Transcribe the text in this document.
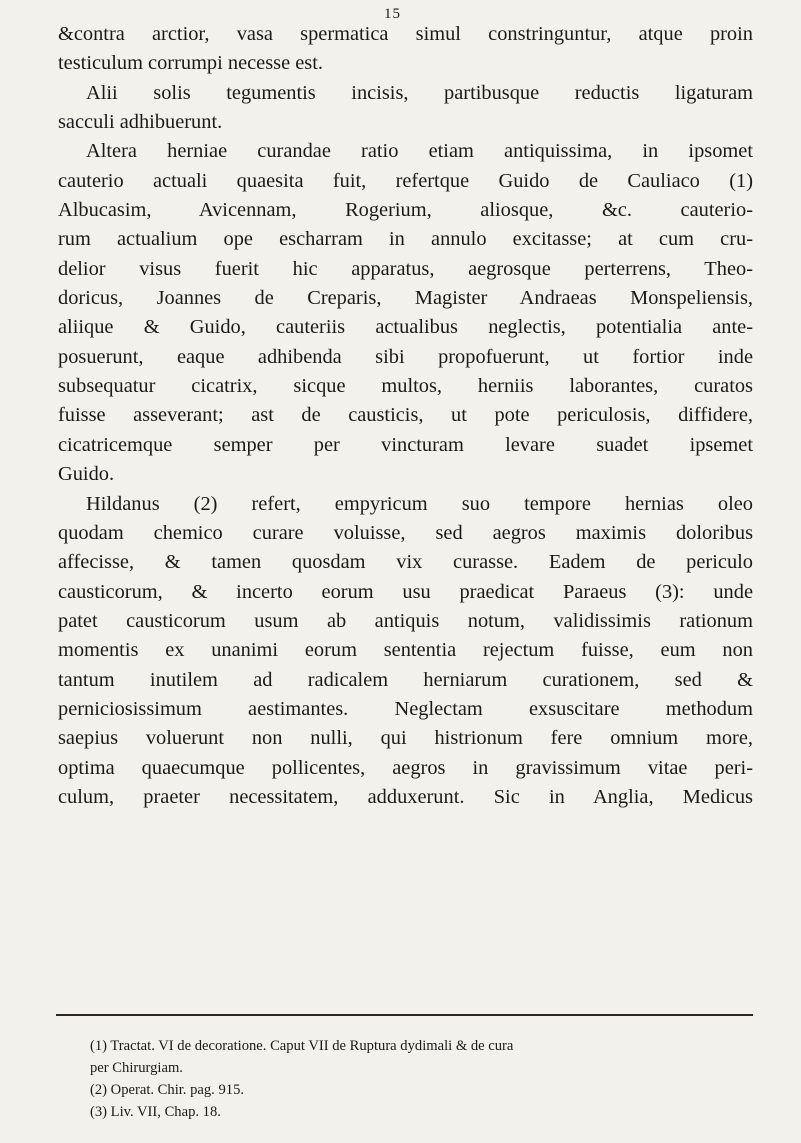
15
&contra arctior, vasa spermatica simul constringuntur, atque proin
testiculum corrumpi necesse est.
Alii solis tegumentis incisis, partibusque reductis ligaturam
sacculi adhibuerunt.
Altera herniae curandae ratio etiam antiquissima, in ipsomet
cauterio actuali quaesita fuit, refertque Guido de Cauliaco (1)
Albucasim, Avicennam, Rogerium, aliosque, &c. cauterio-
rum actualium ope escharram in annulo excitasse; at cum cru-
delior visus fuerit hic apparatus, aegrosque perterrens, Theo-
doricus, Joannes de Creparis, Magister Andraeas Monspeliensis,
aliique & Guido, cauteriis actualibus neglectis, potentialia ante-
posuerunt, eaque adhibenda sibi propofuerunt, ut fortior inde
subsequatur cicatrix, sicque multos, herniis laborantes, curatos
fuisse asseverant; ast de causticis, ut pote periculosis, diffidere,
cicatricemque semper per vincturam levare suadet ipsemet
Guido.
Hildanus (2) refert, empyricum suo tempore hernias oleo
quodam chemico curare voluisse, sed aegros maximis doloribus
affecisse, & tamen quosdam vix curasse. Eadem de periculo
causticorum, & incerto eorum usu praedicat Paraeus (3): unde
patet causticorum usum ab antiquis notum, validissimis rationum
momentis ex unanimi eorum sententia rejectum fuisse, eum non
tantum inutilem ad radicalem herniarum curationem, sed &
perniciosissimum aestimantes. Neglectam exsuscitare methodum
saepius voluerunt non nulli, qui histrionum fere omnium more,
optima quaecumque pollicentes, aegros in gravissimum vitae peri-
culum, praeter necessitatem, adduxerunt. Sic in Anglia, Medicus
(1) Tractat. VI de decoratione. Caput VII de Ruptura dydimali & de cura
per Chirurgiam.
(2) Operat. Chir. pag. 915.
(3) Liv. VII, Chap. 18.
